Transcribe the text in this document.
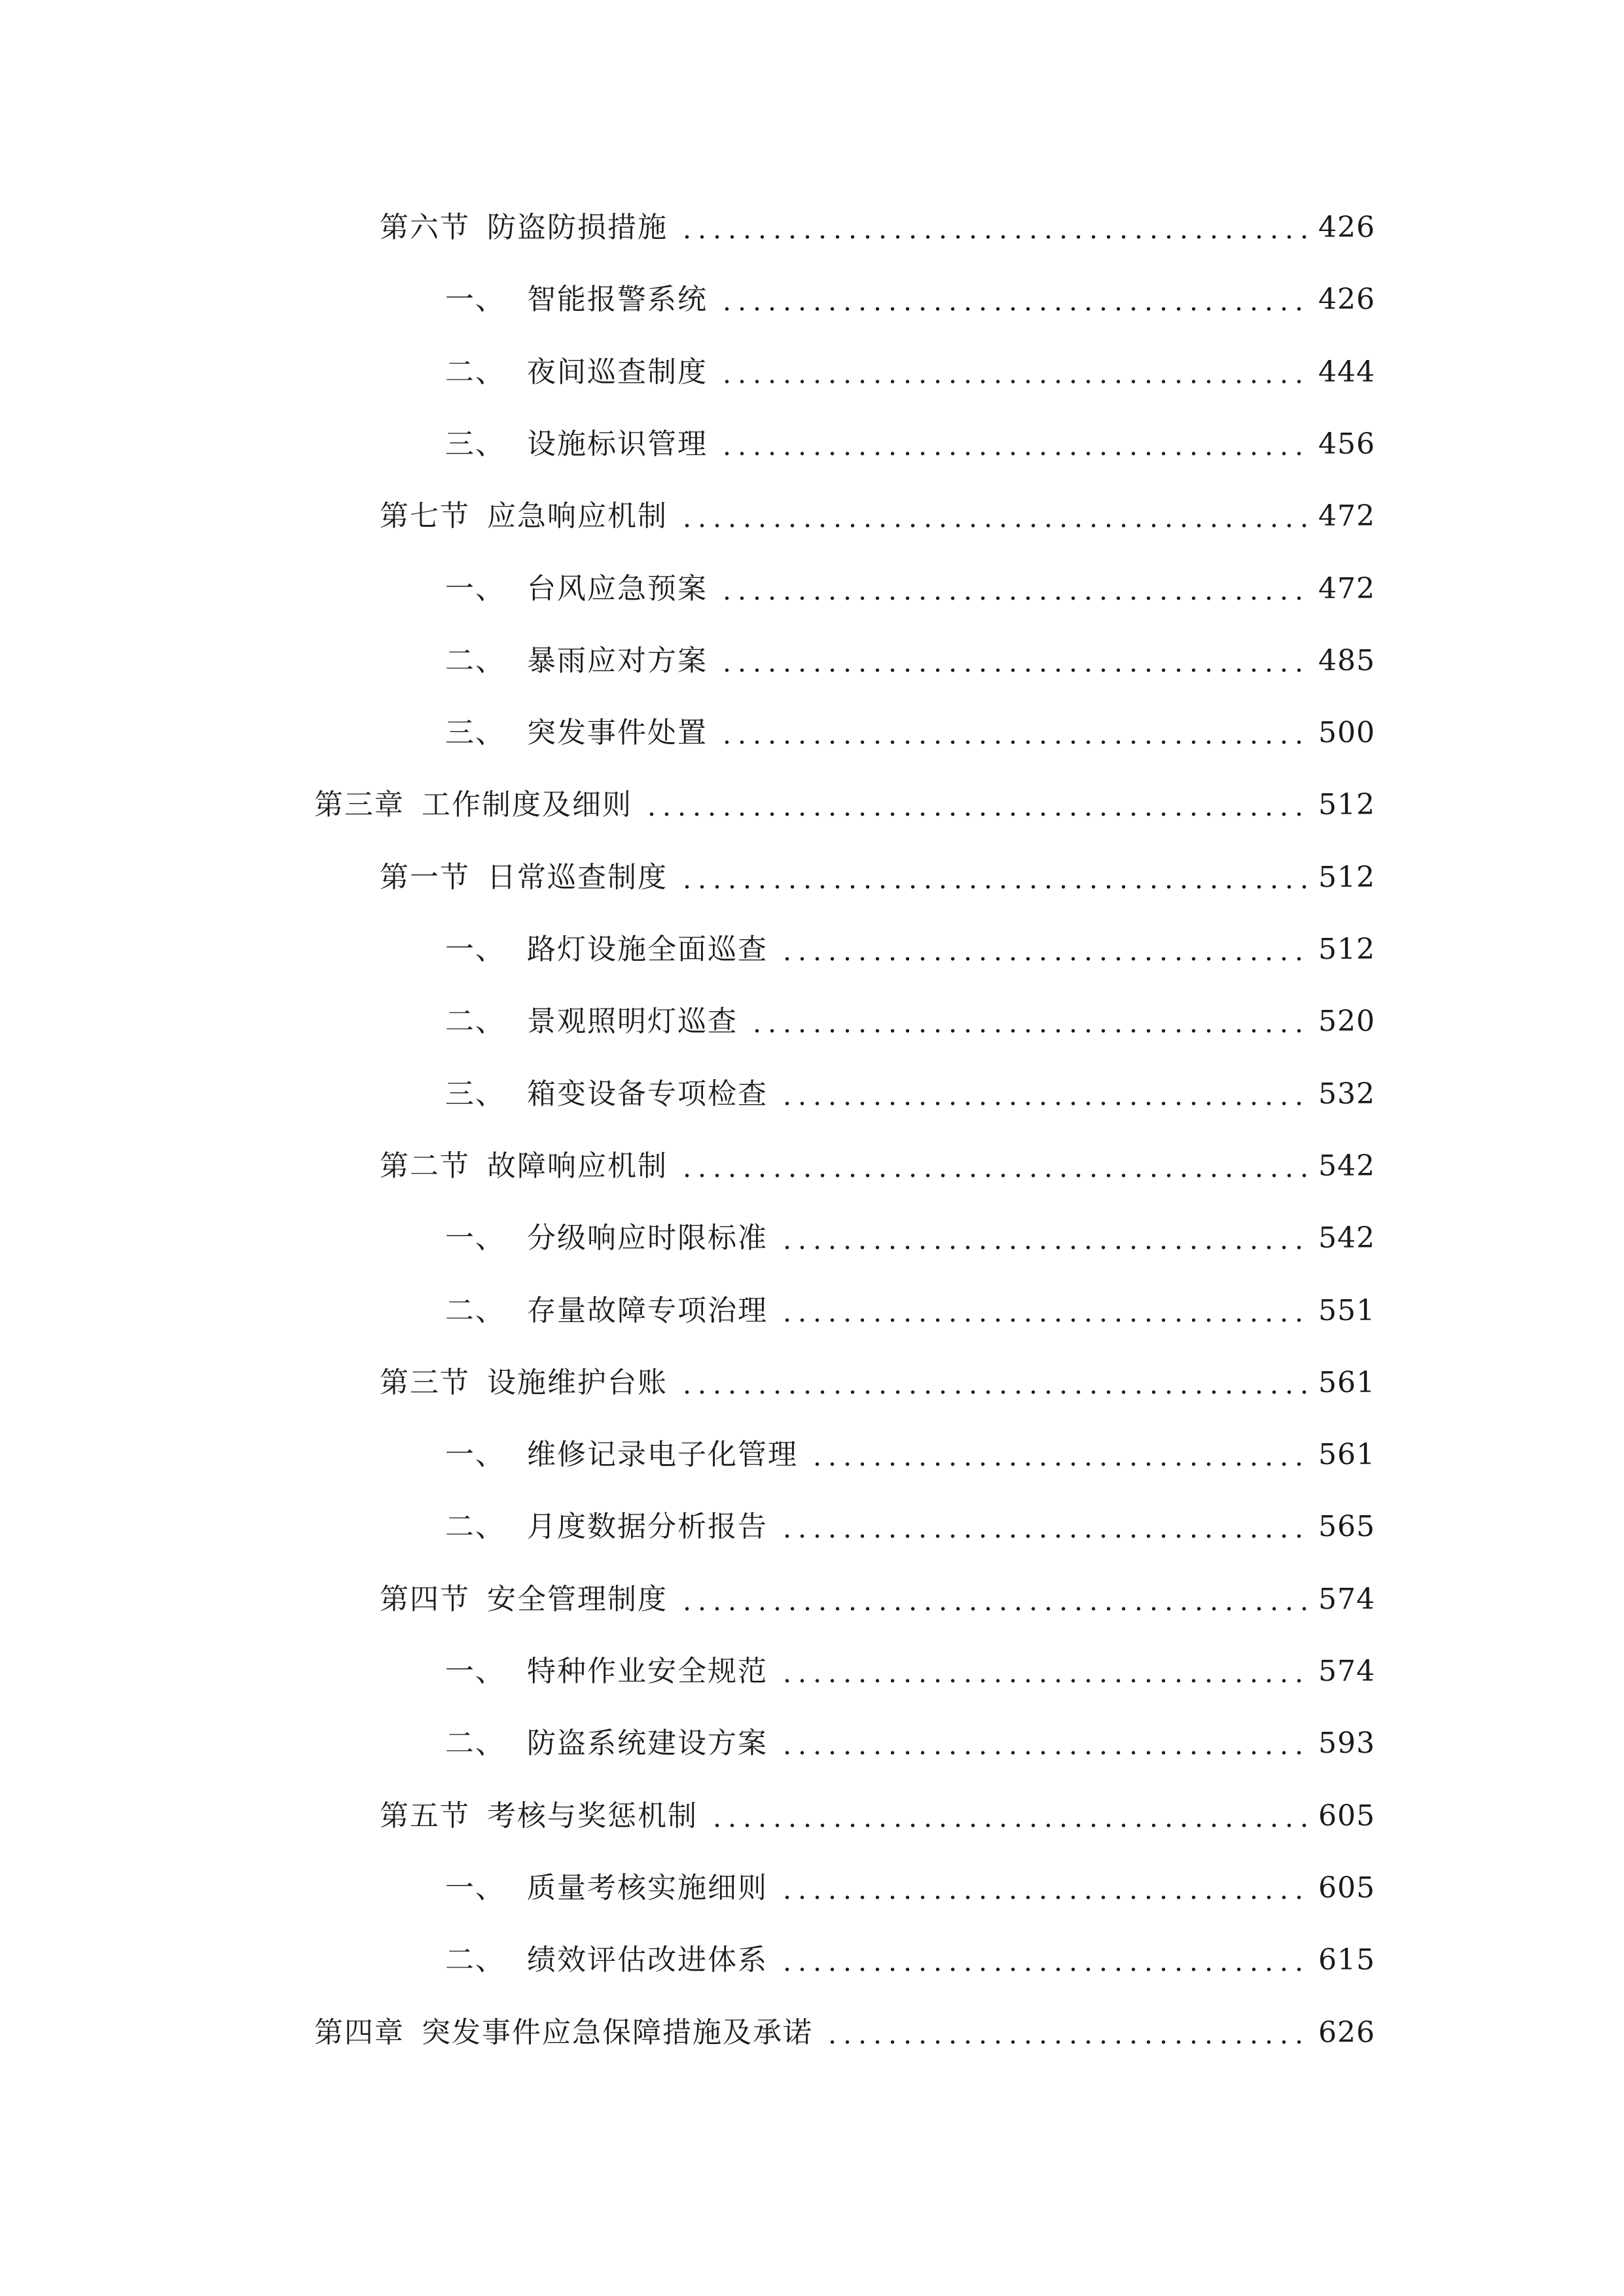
第六节 防盗防损措施	426
一、 智能报警系统	426
二、 夜间巡查制度	444
三、 设施标识管理	456
第七节 应急响应机制	472
一、 台风应急预案	472
二、 暴雨应对方案	485
三、 突发事件处置	500
第三章 工作制度及细则	512
第一节 日常巡查制度	512
一、 路灯设施全面巡查	512
二、 景观照明灯巡查	520
三、 箱变设备专项检查	532
第二节 故障响应机制	542
一、 分级响应时限标准	542
二、 存量故障专项治理	551
第三节 设施维护台账	561
一、 维修记录电子化管理	561
二、 月度数据分析报告	565
第四节 安全管理制度	574
一、 特种作业安全规范	574
二、 防盗系统建设方案	593
第五节 考核与奖惩机制	605
一、 质量考核实施细则	605
二、 绩效评估改进体系	615
第四章 突发事件应急保障措施及承诺	626
